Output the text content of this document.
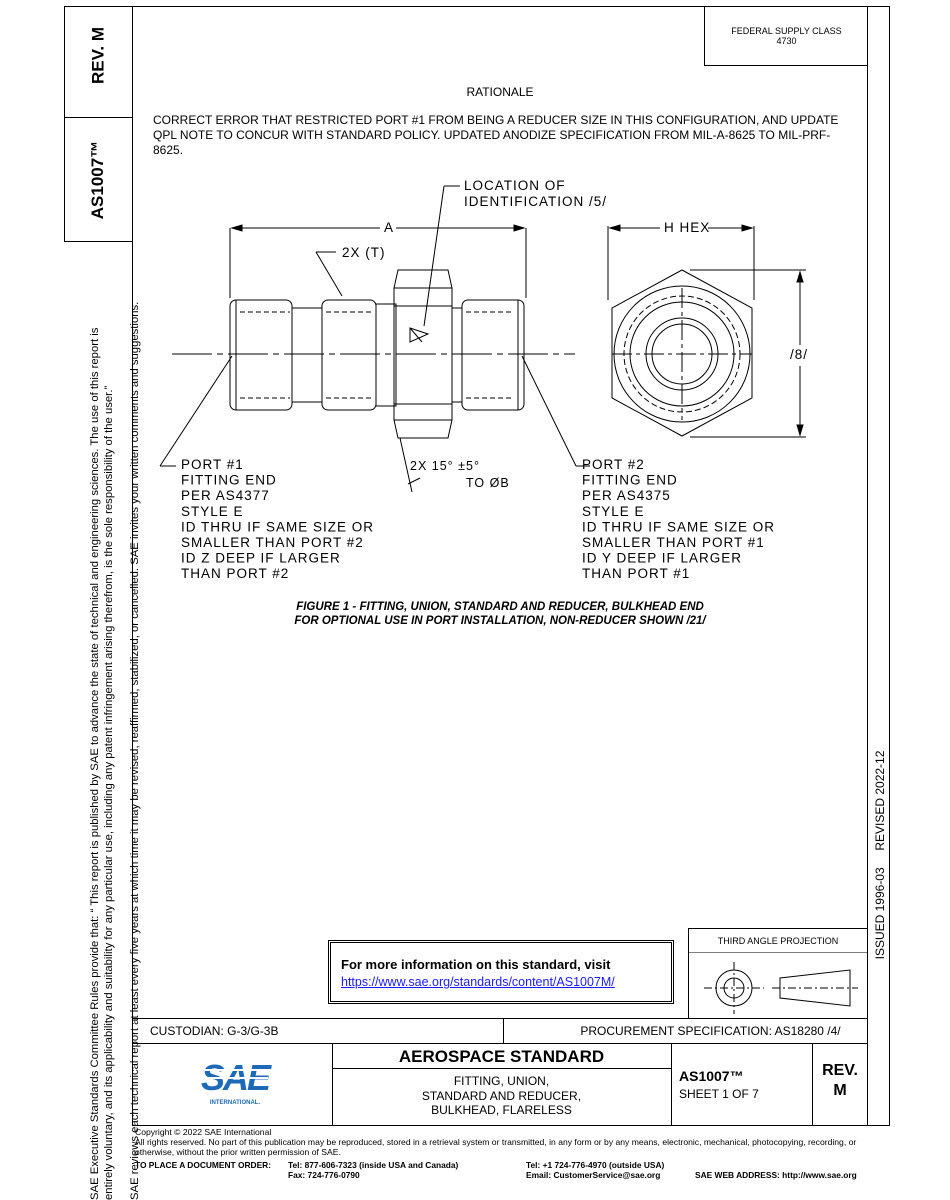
REV. M
AS1007™
SAE Executive Standards Committee Rules provide that: “ This report is published by SAE to advance the state of technical and engineering sciences. The use of this report is entirely voluntary, and its applicability and suitability for any particular use, including any patent infringement arising therefrom, is the sole responsibility of the user.” SAE reviews each technical report at least every five years at which time it may be revised, reaffirmed, stabilized, or cancelled. SAE invites your written comments and suggestions.	ISSUED 1996-03     REVISED 2022-12
FEDERAL SUPPLY CLASS
4730
RATIONALE
CORRECT ERROR THAT RESTRICTED PORT #1 FROM BEING A REDUCER SIZE IN THIS CONFIGURATION, AND UPDATE QPL NOTE TO CONCUR WITH STANDARD POLICY. UPDATED ANODIZE SPECIFICATION FROM MIL-A-8625 TO MIL-PRF-8625.
LOCATION OF
IDENTIFICATION /5/
A
2X (T)
H HEX
/8/
2X 15° ±5°
TO ØB
PORT #1
FITTING END
PER AS4377
STYLE E
ID THRU IF SAME SIZE OR
SMALLER THAN PORT #2
ID Z DEEP IF LARGER
THAN PORT #2
PORT #2
FITTING END
PER AS4375
STYLE E
ID THRU IF SAME SIZE OR
SMALLER THAN PORT #1
ID Y DEEP IF LARGER
THAN PORT #1
FIGURE 1 - FITTING, UNION, STANDARD AND REDUCER, BULKHEAD END
FOR OPTIONAL USE IN PORT INSTALLATION, NON-REDUCER SHOWN /21/
For more information on this standard, visit
https://www.sae.org/standards/content/AS1007M/
THIRD ANGLE PROJECTION
CUSTODIAN: G-3/G-3B	PROCUREMENT SPECIFICATION: AS18280 /4/
AEROSPACE STANDARD
FITTING, UNION,
STANDARD AND REDUCER,
BULKHEAD, FLARELESS
AS1007™
SHEET 1 OF 7
REV.
M
SAE
INTERNATIONAL.
Copyright © 2022 SAE International
All rights reserved. No part of this publication may be reproduced, stored in a retrieval system or transmitted, in any form or by any means, electronic, mechanical, photocopying, recording, or otherwise, without the prior written permission of SAE.
TO PLACE A DOCUMENT ORDER: Tel: 877-606-7323 (inside USA and Canada)
Fax: 724-776-0790
Tel: +1 724-776-4970 (outside USA)
Email: CustomerService@sae.org	SAE WEB ADDRESS: http://www.sae.org
